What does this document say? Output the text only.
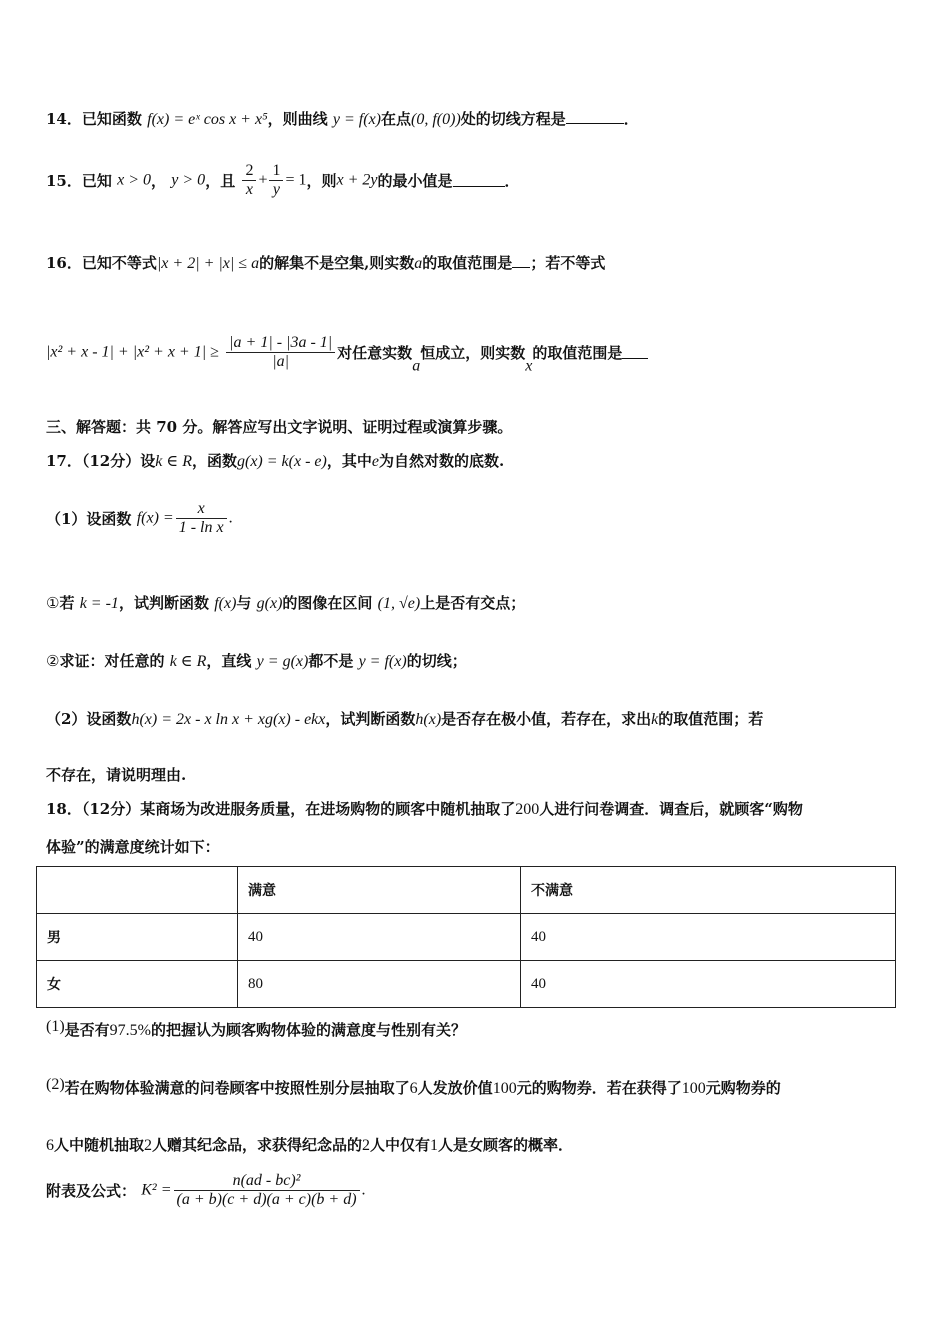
14．已知函数 f(x) = eˣ cos x + x⁵，则曲线 y = f(x)在点(0, f(0))处的切线方程是	．
15．已知 x > 0， y > 0，且 $\frac{2}{x} + \frac{1}{y} = 1$，则x + 2y的最小值是	．
16．已知不等式|x + 2| + |x| ≤ a的解集不是空集,则实数a的取值范围是 ；若不等式
$|x^2 + x - 1| + |x^2 + x + 1| \ge \frac{|a + 1| - |3a - 1|}{|a|}$ 对任意实数a恒成立，则实数x的取值范围是
三、解答题：共 70 分。解答应写出文字说明、证明过程或演算步骤。
17．（12分）设k ∈ R，函数g(x) = k(x - e)，其中e为自然对数的底数.
（1）设函数 $f(x) = \frac{x}{\text{1 - ln x}}$ .
①若 k = -1，试判断函数 f(x)与 g(x)的图像在区间 (1, √e)上是否有交点；
②求证：对任意的 k ∈ R，直线 y = g(x)都不是 y = f(x)的切线；
（2）设函数h(x) = 2x - x ln x + xg(x) - ekx，试判断函数h(x)是否存在极小值，若存在，求出k的取值范围；若
不存在，请说明理由.
18．（12分）某商场为改进服务质量，在进场购物的顾客中随机抽取了200人进行问卷调查．调查后，就顾客“购物
体验”的满意度统计如下：
	满意	不满意
男	40	40
女	80	40
(1)是否有97.5%的把握认为顾客购物体验的满意度与性别有关？
(2)若在购物体验满意的问卷顾客中按照性别分层抽取了6人发放价值100元的购物券．若在获得了100元购物券的
6人中随机抽取2人赠其纪念品，求获得纪念品的2人中仅有1人是女顾客的概率．
附表及公式： $K^2 = \frac{\text{n(ad - bc)²}}{(a + b)(c + d)(a + c)(b + d)}$ .
